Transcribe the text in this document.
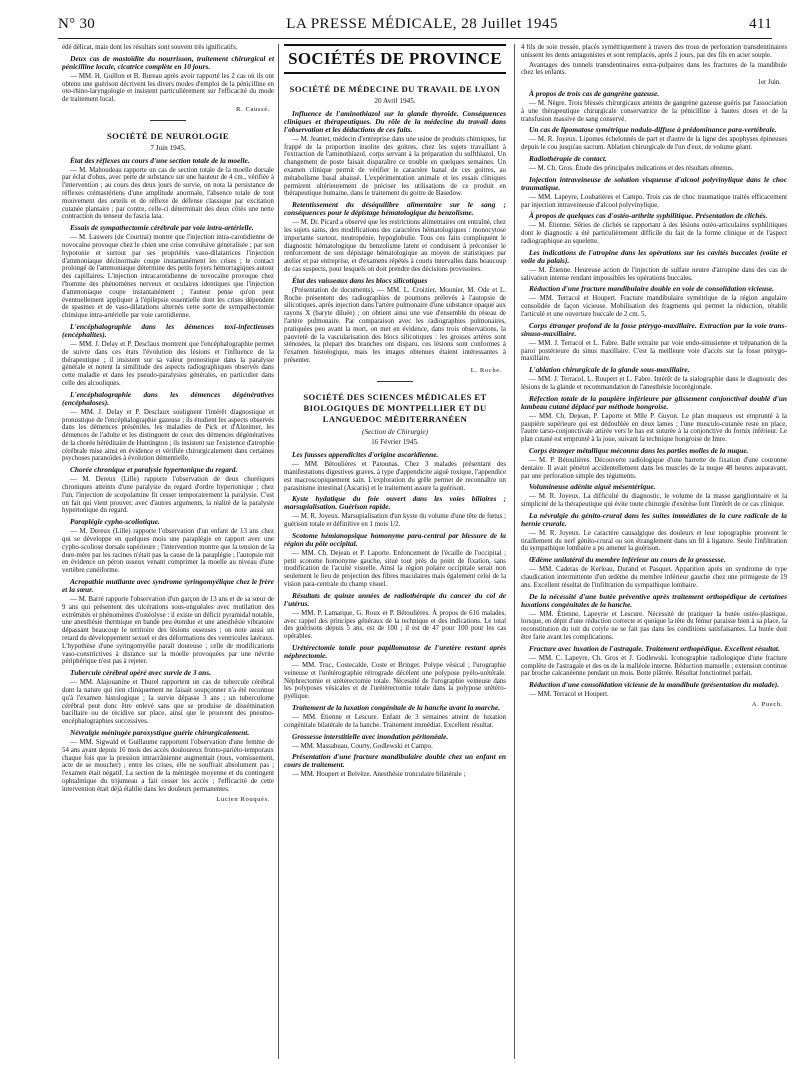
N° 30	LA PRESSE MÉDICALE, 28 Juillet 1945	411

édé délicat, mais dont les résultats sont souvent très ignificatifs.

Deux cas de mastoïdite du nourrisson, traitement chirurgical et pénicilline locale, cicatrice complète en 10 jours.

— MM. H. Guillon et B. Bureau après avoir rapporté les 2 cas où ils ont obtenu une guérison décrivent les divers modes d'emploi de la pénicilline en oto-rhino-laryngologie et insistent particulièrement sur l'efficacité du mode de traitement local.

R. Caussé.

SOCIÉTÉ DE NEUROLOGIE

7 Juin 1945.

État des réflexes au cours d'une section totale de la moelle.

— M. Mahoudeau rapporte un cas de section totale de la moelle dorsale par éclat d'obus, avec perte de substance sur une hauteur de 4 cm., vérifiée à l'intervention ; au cours des deux jours de survie, on nota la persistance de réflexes crémastériens d'une amplitude anormale, l'absence totale de tout mouvement des orteils et de réflexe de défense classique par excitation cutanée plantaire ; par contre, celle-ci déterminait des deux côtés une nette contraction du tenseur du fascia lata.

Essais de sympathectomie cérébrale par voie intra-artérielle.

— M. Lauwers (de Courtrai) montre que l'injection intra-carotidienne de novocaïne provoque chez le chien une crise convulsive généralisée ; par son hypotonie et surtout par ses propriétés vaso-dilatatrices l'injection d'ammoniaque décinormale coupe instantanément les crises ; le contact prolongé de l'ammoniaque détermine des petits foyers hémorragiques autour des capillaires. L'injection intracarotidienne de novocaïne provoque chez l'homme des phénomènes nerveux et oculaires identiques que l'injection d'ammoniaque coupe instantanément ; l'auteur pense qu'on peut éventuellement appliquer à l'épilepsie essentielle dont les crises dépendent de spasmes et de vaso-dilatations alternés cette sorte de sympathectomie chimique intra-artérielle par voie carotidienne.

L'encéphalographie dans les démences toxi-infectieuses (encéphalites).

— MM. J. Delay et P. Desclaux montrent que l'encéphalographie permet de suivre dans ces états l'évolution des lésions et l'influence de la thérapeutique ; il insistent sur sa valeur pronostique dans la paralysie générale et notent la similitude des aspects radiographiques observés dans cette maladie et dans les pseudo-paralysies générales, en particulier dans celle des alcooliques.

L'encéphalographie dans les démences dégénératives (encéphaloses).

— MM. J. Delay et P. Desclaux soulignent l'intérêt diagnostique et pronostique de l'encéphalographie gazeuse ; ils étudient les aspects observés dans les démences préséniles, les maladies de Pick et d'Alzeimer, les démences de l'adulte et les distinguent de ceux des démences dégénératives de la chorée héréditaire de Huntington ; ils insistent sur l'existence d'atrophie cérébrale mise ainsi en évidence et vérifiée chirurgicalement dans certaines psychoses paranoïdes à évolution démentielle.

Chorée chronique et paralysie hypertonique du regard.

— M. Dereux (Lille) rapporte l'observation de deux choréiques chroniques atteints d'une paralysie du regard d'ordre hypertonique ; chez l'un, l'injection de scopolamine fit cesser temporairement la paralysie. C'est un fait qui vient prouver, avec d'autres arguments, la réalité de la paralysie hypertonique du regard.

Paraplégie cypho-scoliotique.

— M. Dereux (Lille) rapporte l'observation d'un enfant de 13 ans chez qui se développe en quelques mois une paraplégie en rapport avec une cypho-scoliose dorsale supérieure ; l'intervention montre que la tension de la dure-mère par les racines n'était pas la cause de la paraplégie ; l'autopsie mit en évidence un péron osseux venant comprimer la moelle au niveau d'une vertèbre cunéiforme.

Acropathie mutilante avec syndrome syringomyélique chez le frère et la sœur.

— M. Barré rapporte l'observation d'un garçon de 13 ans et de sa sœur de 9 ans qui présentent des ulcérations sous-unguéales avec mutilation des extrémités et phénomènes d'ostéolyse : il existe un déficit pyramidal notable, une anesthésie thermique en bande peu étendue et une anesthésie vibratoire dépassant beaucoup le territoire des lésions osseuses ; on note aussi un retard du développement sexuel et des déformations des ventricules latéraux. L'hypothèse d'une syringomyélie paraît douteuse ; celle de modifications vaso-constrictives à distance sur la moelle provoquées par une névrite périphérique n'est pas à rejeter.

Tubercule cérébral opéré avec survie de 3 ans.

— MM. Alajouanine et Thurel rapportent un cas de tubercule cérébral dont la nature qui rien cliniquement ne faisait soupçonner n'a été reconnue qu'à l'examen histologique ; la survie dépasse 3 ans ; un tuberculome cérébral peut donc être enlevé sans que se produise de dissémination bacillaire ou de récidive sur place, ainsi que le prouvent des pneumo-encéphalographies successives.

Névralgie méningée paroxystique guérie chirurgicalement.

— MM. Sigwald et Guillaume rapportent l'observation d'une femme de 54 ans ayant depuis 16 mois des accès douloureux fronto-pariéto-temporaux chaque fois que la pression intracrânienne augmentait (toux, vomissement, acte de se moucher) ; entre les crises, elle ne souffrait absolument pas ; l'examen était négatif. La section de la méningée moyenne et du contingent ophtalmique du trijumeau a fait cesser les accès ; l'efficacité de cette intervention était déjà établie dans les douleurs permanentes.

Lucien Rouquès.

SOCIÉTÉS DE PROVINCE
SOCIÉTÉ DE MÉDECINE DU TRAVAIL DE LYON

20 Avril 1945.

Influence de l'aminothiazol sur la glande thyroïde. Conséquences cliniques et thérapeutiques. Du rôle de la médecine du travail dans l'observation et les déductions de ces faits.

— M. Jeantet, médecin d'entreprise dans une usine de produits chimiques, fut frappé de la proportion insolite des goitres, chez les sujets travaillant à l'extraction de l'aminothiazol, corps servant à la préparation du sulfthiazol. Un changement de poste faisait disparaître ce trouble en quelques semaines. Un examen clinique permit de vérifier le caractère banal de ces goitres, au métabolisme basal abaissé. L'expérimentation animale et les essais cliniques permirent ultérieurement de préciser les utilisations de ce produit en thérapeutique humaine, dans le traitement du goitre de Basedow.

Retentissement du déséquilibre alimentaire sur le sang ; conséquences pour le dépistage hématologique du benzolisme.

— M. Dr. Picard a observé que les restrictions alimentaires ont entraîné, chez les sujets sains, des modifications des caractères hématologiques : monocytose importante surtout, neutropénie, hypoglobulie. Tous ces faits compliquent le diagnostic hématologique du benzolisme latent et conduisent à préconiser le renforcement de son dépistage hématologique au moyen de statistiques par atelier et par entreprise, et d'examens répétés à courts intervalles dans beaucoup de cas suspects, pour lesquels on doit prendre des décisions provisoires.

État des vaisseaux dans les blocs silicotiques

(Présentation de documents). — MM. L. Croizier, Mounier, M. Ode et L. Roche présentent des radiographies de poumons prélevés à l'autopsie de silicotiques, après injection dans l'artère pulmonaire d'une substance opaque aux rayons X (baryte diluée) ; on obtient ainsi une vue d'ensemble du réseau de l'artère pulmonaire. Par comparaison avec les radiographies pulmonaires, pratiquées peu avant la mort, on met en évidence, dans trois observations, la pauvreté de la vascularisation des blocs silicotiques : les grosses artères sont sténosées, la plupart des branches ont disparu, ces lésions sont conformes à l'examen histologique, mais les images obtenues étaient intéressantes à présenter.

L. Roche.

SOCIÉTÉ DES SCIENCES MÉDICALES ET BIOLOGIQUES DE MONTPELLIER ET DU LANGUEDOC MÉDITERRANÉEN

(Section de Chirurgie)

16 Février 1945.

Les fausses appendicites d'origine ascaridienne.

— MM. Bétoulières et Patounas. Chez 3 malades présentant des manifestations digestives graves, à type d'appendicite aiguë toxique, l'appendice est macroscopiquement sain. L'exploration du grêle permet de reconnaître un parasitisme intestinal (Ascaris) et le traitement assure la guérison.

Kyste hydatique du foie ouvert dans les voies biliaires ; marsupialisation. Guérison rapide.

— M. R. Joyeux. Marsupialisation d'un kyste du volume d'une tête de fœtus ; guérison totale et définitive en 1 mois 1/2.

Scotome hémianopsique homonyme para-central par blessure de la région du pôle occipital.

— MM. Ch. Dejean et P. Laporte. Enfoncement de l'écaille de l'occipital ; petit scotome homonyme gauche, situé tout près du point de fixation, sans modification de l'acuité visuelle. Ainsi la région polaire occipitale serait non seulement le lieu de projection des fibres maculaires mais également celui de la vision para-centrale du champ visuel.

Résultats de quinze années de radiothérapie du cancer du col de l'utérus.

— MM. P. Lamarque, G. Roux et P. Bétoulières. À propos de 616 malades, avec rappel des principes généraux de la technique et des indications. Le total des guérisons depuis 5 ans, est de 100 ; il est de 47 pour 100 pour les cas opérables.

Urétérectomie totale pour papillomatose de l'uretère restant après néphrectomie.

— MM. Truc, Costecalde, Coste et Bringer. Polype vésical ; l'urographie veineuse et l'urétérographie rétrograde décèlent une polypose pyélo-urétérale. Néphrectomie et urétérectomie totale. Nécessité de l'urographie veineuse dans les polyposes vésicales et de l'urétérectomie totale dans la polypose urétéro-pyélique.

Traitement de la luxation congénitale de la hanche avant la marche.

— MM. Étienne et Lescure. Enfant de 3 semaines atteint de luxation congénitale bilatérale de la hanche. Traitement immédiat. Excellent résultat.

Grossesse interstitielle avec inondation péritonéale.

— MM. Massabuau, Courty, Godlewski et Campo.

Présentation d'une fracture mandibulaire double chez un enfant en cours de traitement.

— MM. Houpert et Belvèze. Anesthésie tronculaire bilatérale ;

4 fils de soie tressée, placés symétriquement à travers des trous de perforation transdentinaires unissent les dents antagonistes et sont remplacés, après 2 jours, par des fils en acier souple.

Avantages des tunnels transdentinaires extra-pulpaires dans les fractures de la mandibule chez les enfants.

1er Juin.

À propos de trois cas de gangrène gazeuse.

— M. Nègre. Trois blessés chirurgicaux atteints de gangrène gazeuse guéris par l'association à une thérapeutique chirurgicale conservatrice de la pénicilline à hautes doses et de la transfusion massive de sang conservé.

Un cas de lipomatose symétrique nodulo-diffuse à prédominance para-vertébrale.

— M. R. Joyeux. Lipomes échelonnés de part et d'autre de la ligne des apophyses épineuses depuis le cou jusqu'au sacrum. Ablation chirurgicale de l'un d'eux, de volume géant.

Radiothérapie de contact.

— M. Ch. Gros. Étude des principales indications et des résultats obtenus.

Injection intraveineuse de solution visqueuse d'alcool polyvinylique dans le choc traumatique.

— MM. Lapeyre, Loubatières et Campo. Trois cas de choc traumatique traités efficacement par injection intraveineuse d'alcool polyvinylique.

À propos de quelques cas d'ostéo-arthrite syphilitique. Présentation de clichés.

— M. Étienne. Séries de clichés se rapportant à des lésions ostéo-articulaires syphilitiques dont le diagnostic a été particulièrement difficile du fait de la forme clinique et de l'aspect radiographique au squelette.

Les indications de l'atropine dans les opérations sur les cavités buccales (voûte et voile du palais).

— M. Étienne. Heureuse action de l'injection de sulfate neutre d'atropine dans des cas de salivation intense rendant impossibles les opérations buccales.

Réduction d'une fracture mandibulaire double en voie de consolidation vicieuse.

— MM. Terracol et Houpert. Fracture mandibulaire symétrique de la région angulaire consolidée de façon vicieuse. Mobilisation des fragments qui permet la réduction, rétablit l'articulé et une ouverture buccale de 2 cm. 5.

Corps étranger profond de la fosse ptérygo-maxillaire. Extraction par la voie trans-sinuso-maxillaire.

— MM. J. Terracol et L. Fabre. Balle extraite par voie endo-sinusienne et trépanation de la paroi postérieure du sinus maxillaire. C'est la meilleure voie d'accès sur la fosse ptérygo-maxillaire.

L'ablation chirurgicale de la glande sous-maxillaire.

— MM. J. Terracol, L. Roupert et L. Fabre. Intérêt de la sialographie dans le diagnostic des lésions de la glande et recommandation de l'anesthésie locorégionale.

Réfection totale de la paupière inférieure par glissement conjonctival doublé d'un lambeau cutané déplacé par méthode hongroise.

— MM. Ch. Dejean, P. Laporte et Mlle P. Guyon. Le plan muqueux est emprunté à la paupière supérieure qui est dédoublée en deux lames ; l'une musculo-cutanée reste en place, l'autre tarso-conjonctivale attirée vers le bas est suturée à la conjonctive du fornix inférieur. Le plan cutané est emprunté à la joue, suivant la technique hongroise de Imre.

Corps étranger métallique méconnu dans les parties molles de la nuque.

— M. P. Bétoulières. Découverte radiologique d'une barrette de fixation d'une couronne dentaire. Il avait pénétré accidentellement dans les muscles de la nuque 48 heures auparavant, par une perforation simple des téguments.

Volumineuse adénite aiguë mésentérique.

— M. R. Joyeux. La difficulté du diagnostic, le volume de la masse ganglionnaire et la simplicité de la thérapeutique qui évite toute chirurgie d'exérèse font l'intérêt de ce cas clinique.

La névralgie du génito-crural dans les suites immédiates de la cure radicale de la hernie crurale.

— M. R. Joyeux. Le caractère causalgique des douleurs et leur topographie prouvent le tiraillement du nerf génito-crural ou son étranglement dans un fil à ligature. Seule l'infiltration du sympathique lombaire a pu amener la guérison.

Œdème unilatéral du membre inférieur au cours de la grossesse.

— MM. Caderas de Kerleau, Durand et Pasquet. Apparition après un syndrome de type claudication intermittente d'un œdème du membre inférieur gauche chez une primigeste de 19 ans. Excellent résultat de l'infiltration du sympathique lombaire.

De la nécessité d'une butée préventive après traitement orthopédique de certaines luxations congénitales de la hanche.

— MM. Étienne, Lapeyrie et Lescure. Nécessité de pratiquer la butée ostéo-plastique, lorsque, en dépit d'une réduction correcte et quoique la tête du fémur paraisse bien à sa place, la reconstitution du toit du cotyle ne se fait pas dans les conditions satisfaisantes. La butée doit être faite avant les complications.

Fracture avec luxation de l'astragale. Traitement orthopédique. Excellent résultat.

— MM. C. Lapeyre, Ch. Gros et J. Godlewski. Iconographie radiologique d'une fracture complète de l'astragale et des os de la malléole interne. Réduction manuelle ; extension continue par broche calcanéenne pendant un mois. Botte plâtrée. Résultat fonctionnel parfait.

Réduction d'une consolidation vicieuse de la mandibule (présentation du malade).

— MM. Terracol et Houpert.

A. Puech.
